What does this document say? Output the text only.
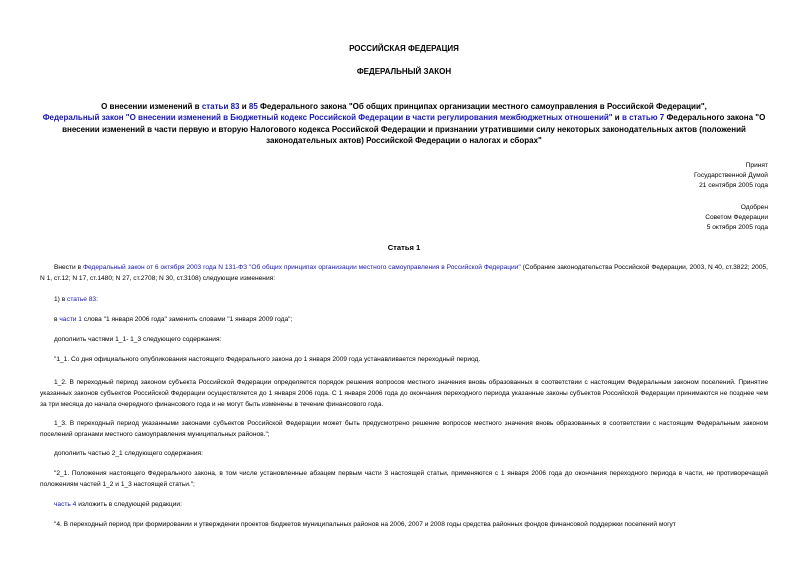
РОССИЙСКАЯ ФЕДЕРАЦИЯ
ФЕДЕРАЛЬНЫЙ ЗАКОН
О внесении изменений в статьи 83 и 85 Федерального закона "Об общих принципах организации местного самоуправления в Российской Федерации",
Федеральный закон "О внесении изменений в Бюджетный кодекс Российской Федерации в части регулирования межбюджетных отношений" и в статью 7 Федерального закона "О внесении изменений в части первую и вторую Налогового кодекса Российской Федерации и признании утратившими силу некоторых законодательных актов (положений законодательных актов) Российской Федерации о налогах и сборах"
Принят
Государственной Думой
21 сентября 2005 года
Одобрен
Советом Федерации
5 октября 2005 года
Статья 1
Внести в Федеральный закон от 6 октября 2003 года N 131-ФЗ "Об общих принципах организации местного самоуправления в Российской Федерации" (Собрание законодательства Российской Федерации, 2003, N 40, ст.3822; 2005, N 1, ст.12; N 17, ст.1480; N 27, ст.2708; N 30, ст.3108) следующие изменения:
1) в статье 83:
в части 1 слова "1 января 2006 года" заменить словами "1 января 2009 года";
дополнить частями 1_1- 1_3 следующего содержания:
"1_1. Со дня официального опубликования настоящего Федерального закона до 1 января 2009 года устанавливается переходный период.
1_2. В переходный период законом субъекта Российской Федерации определяется порядок решения вопросов местного значения вновь образованных в соответствии с настоящим Федеральным законом поселений. Принятие указанных законов субъектов Российской Федерации осуществляется до 1 января 2006 года. С 1 января 2006 года до окончания переходного периода указанные законы субъектов Российской Федерации принимаются не позднее чем за три месяца до начала очередного финансового года и не могут быть изменены в течение финансового года.
1_3. В переходный период указанными законами субъектов Российской Федерации может быть предусмотрено решение вопросов местного значения вновь образованных в соответствии с настоящим Федеральным законом поселений органами местного самоуправления муниципальных районов.";
дополнить частью 2_1 следующего содержания:
"2_1. Положения настоящего Федерального закона, в том числе установленные абзацем первым части 3 настоящей статьи, применяются с 1 января 2006 года до окончания переходного периода в части, не противоречащей положениям частей 1_2 и 1_3 настоящей статьи.";
часть 4 изложить в следующей редакции:
"4. В переходный период при формировании и утверждении проектов бюджетов муниципальных районов на 2006, 2007 и 2008 годы средства районных фондов финансовой поддержки поселений могут
